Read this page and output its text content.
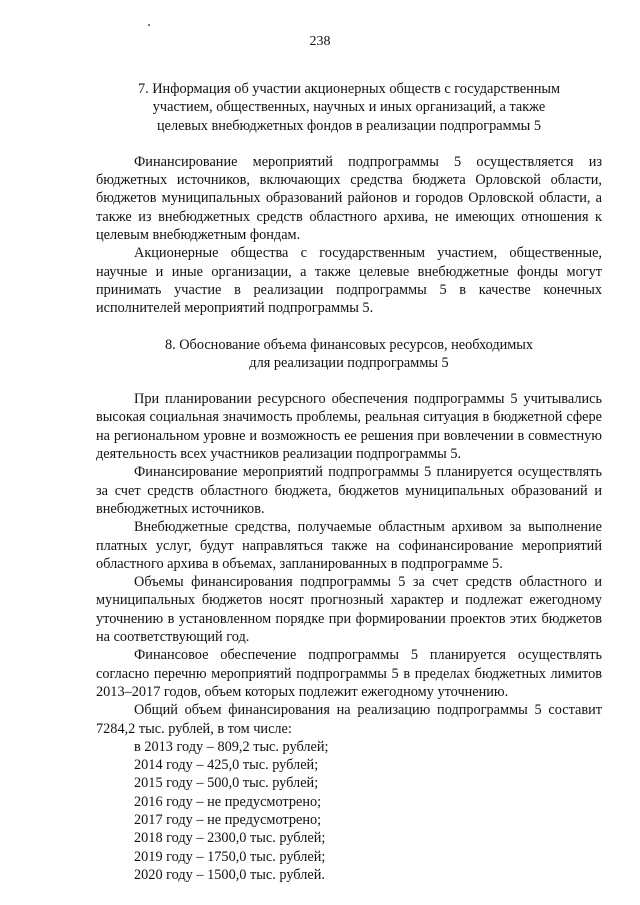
238
7. Информация об участии акционерных обществ с государственным
участием, общественных, научных и иных организаций, а также
целевых внебюджетных фондов в реализации подпрограммы 5

Финансирование мероприятий подпрограммы 5 осуществляется из бюджетных источников, включающих средства бюджета Орловской области, бюджетов муниципальных образований районов и городов Орловской области, а также из внебюджетных средств областного архива, не имеющих отношения к целевым внебюджетным фондам.

Акционерные общества с государственным участием, общественные, научные и иные организации, а также целевые внебюджетные фонды могут принимать участие в реализации подпрограммы 5 в качестве конечных исполнителей мероприятий подпрограммы 5.

8. Обоснование объема финансовых ресурсов, необходимых
для реализации подпрограммы 5

При планировании ресурсного обеспечения подпрограммы 5 учитывались высокая социальная значимость проблемы, реальная ситуация в бюджетной сфере на региональном уровне и возможность ее решения при вовлечении в совместную деятельность всех участников реализации подпрограммы 5.

Финансирование мероприятий подпрограммы 5 планируется осуществлять за счет средств областного бюджета, бюджетов муниципальных образований и внебюджетных источников.

Внебюджетные средства, получаемые областным архивом за выполнение платных услуг, будут направляться также на софинансирование мероприятий областного архива в объемах, запланированных в подпрограмме 5.

Объемы финансирования подпрограммы 5 за счет средств областного и муниципальных бюджетов носят прогнозный характер и подлежат ежегодному уточнению в установленном порядке при формировании проектов этих бюджетов на соответствующий год.

Финансовое обеспечение подпрограммы 5 планируется осуществлять согласно перечню мероприятий подпрограммы 5 в пределах бюджетных лимитов 2013–2017 годов, объем которых подлежит ежегодному уточнению.

Общий объем финансирования на реализацию подпрограммы 5 составит 7284,2 тыс. рублей, в том числе:

в 2013 году – 809,2 тыс. рублей;
2014 году – 425,0 тыс. рублей;
2015 году – 500,0 тыс. рублей;
2016 году – не предусмотрено;
2017 году – не предусмотрено;
2018 году – 2300,0 тыс. рублей;
2019 году – 1750,0 тыс. рублей;
2020 году – 1500,0 тыс. рублей.
